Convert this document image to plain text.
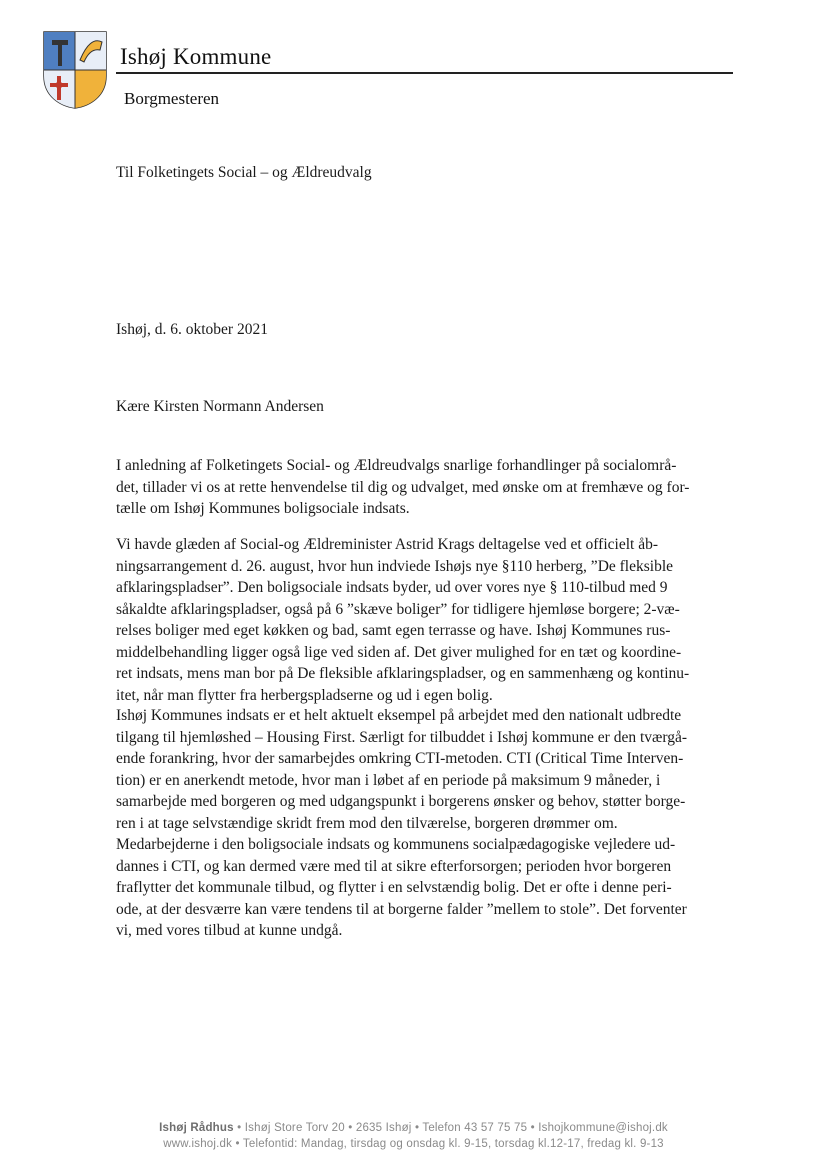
Ishøj Kommune
Borgmesteren
Til Folketingets Social – og Ældreudvalg
Ishøj, d. 6. oktober 2021
Kære Kirsten Normann Andersen

I anledning af Folketingets Social- og Ældreudvalgs snarlige forhandlinger på socialområ-
det, tillader vi os at rette henvendelse til dig og udvalget, med ønske om at fremhæve og for-
tælle om Ishøj Kommunes boligsociale indsats.

Vi havde glæden af Social-og Ældreminister Astrid Krags deltagelse ved et officielt åb-
ningsarrangement d. 26. august, hvor hun indviede Ishøjs nye §110 herberg, ”De fleksible
afklaringspladser”. Den boligsociale indsats byder, ud over vores nye § 110-tilbud med 9
såkaldte afklaringspladser, også på 6 ”skæve boliger” for tidligere hjemløse borgere; 2-væ-
relses boliger med eget køkken og bad, samt egen terrasse og have. Ishøj Kommunes rus-
middelbehandling ligger også lige ved siden af. Det giver mulighed for en tæt og koordine-
ret indsats, mens man bor på De fleksible afklaringspladser, og en sammenhæng og kontinu-
itet, når man flytter fra herbergspladserne og ud i egen bolig.

Ishøj Kommunes indsats er et helt aktuelt eksempel på arbejdet med den nationalt udbredte
tilgang til hjemløshed – Housing First. Særligt for tilbuddet i Ishøj kommune er den tværgå-
ende forankring, hvor der samarbejdes omkring CTI-metoden. CTI (Critical Time Interven-
tion) er en anerkendt metode, hvor man i løbet af en periode på maksimum 9 måneder, i
samarbejde med borgeren og med udgangspunkt i borgerens ønsker og behov, støtter borge-
ren i at tage selvstændige skridt frem mod den tilværelse, borgeren drømmer om.

Medarbejderne i den boligsociale indsats og kommunens socialpædagogiske vejledere ud-
dannes i CTI, og kan dermed være med til at sikre efterforsorgen; perioden hvor borgeren
fraflytter det kommunale tilbud, og flytter i en selvstændig bolig. Det er ofte i denne peri-
ode, at der desværre kan være tendens til at borgerne falder ”mellem to stole”. Det forventer
vi, med vores tilbud at kunne undgå.

Ishøj Rådhus • Ishøj Store Torv 20 • 2635 Ishøj • Telefon 43 57 75 75 • Ishojkommune@ishoj.dk
www.ishoj.dk • Telefontid: Mandag, tirsdag og onsdag kl. 9-15, torsdag kl.12-17, fredag kl. 9-13
